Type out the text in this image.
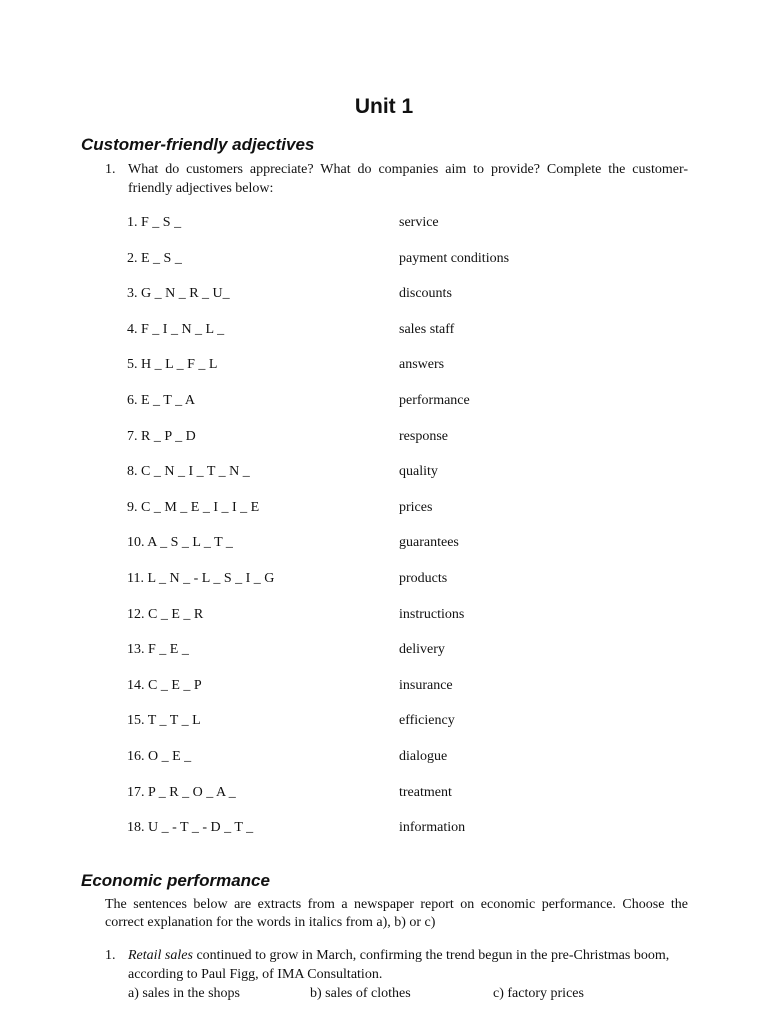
Unit 1
Customer-friendly adjectives
1. What do customers appreciate? What do companies aim to provide? Complete the customer-friendly adjectives below:
1. F _ S _	service
2. E _ S _	payment conditions
3. G _ N _ R _ U_	discounts
4. F _ I _ N _ L _	sales staff
5. H _ L _ F _ L	answers
6. E _ T _ A	performance
7. R _ P _ D	response
8. C _ N _ I _ T _ N _	quality
9. C _ M _ E _ I _ I _ E	prices
10. A _ S _ L _ T _	guarantees
11. L _ N _ - L _ S _ I _ G	products
12. C _ E _ R	instructions
13. F _ E _	delivery
14. C _ E _ P	insurance
15. T _ T _ L	efficiency
16. O _ E _	dialogue
17. P _ R _ O _ A _	treatment
18. U _ - T _ - D _ T _	information
Economic performance
The sentences below are extracts from a newspaper report on economic performance. Choose the correct explanation for the words in italics from a), b) or c)
1. Retail sales continued to grow in March, confirming the trend begun in the pre-Christmas boom, according to Paul Figg, of IMA Consultation.
a) sales in the shops	b) sales of clothes	c) factory prices
